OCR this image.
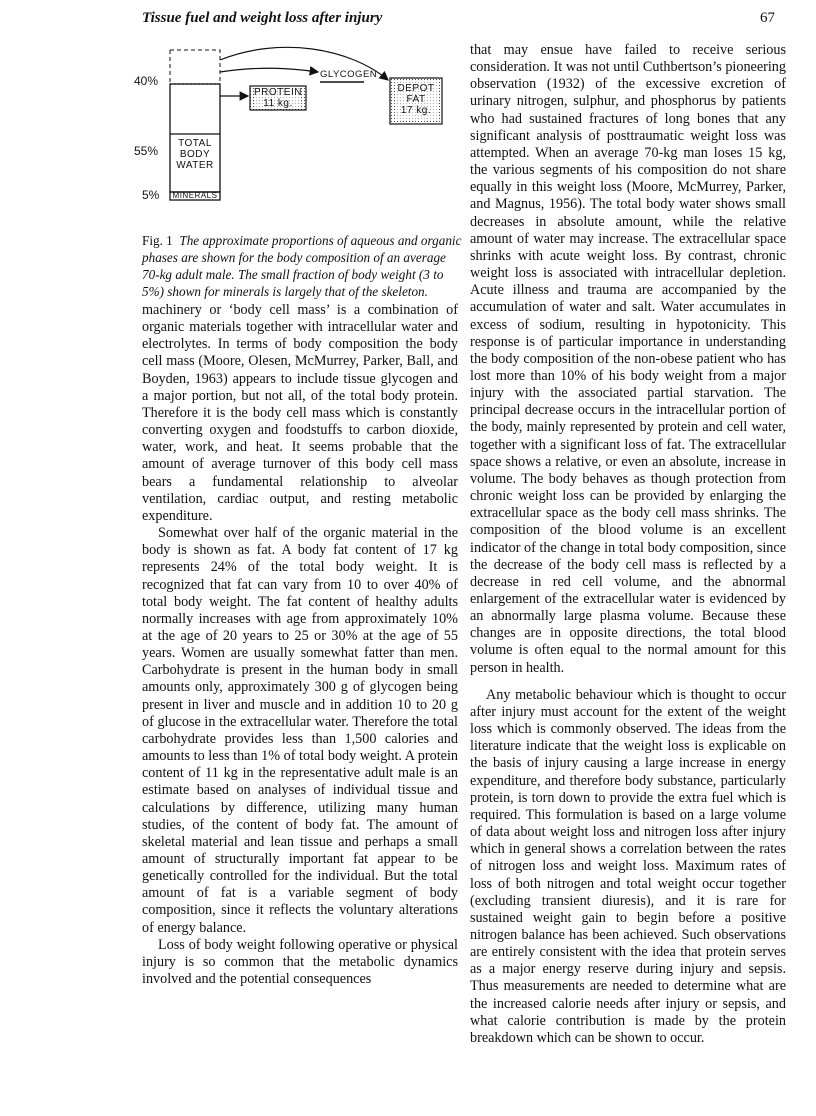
Tissue fuel and weight loss after injury	67
40%
55%
5%
PROTEIN
11 kg.
GLYCOGEN
DEPOT
FAT
17 kg.
TOTAL
BODY
WATER
MINERALS
Fig. 1 The approximate proportions of aqueous and organic phases are shown for the body composition of an average 70-kg adult male. The small fraction of body weight (3 to 5%) shown for minerals is largely that of the skeleton.

machinery or ‘body cell mass’ is a combination of organic materials together with intracellular water and electrolytes. In terms of body composition the body cell mass (Moore, Olesen, McMurrey, Parker, Ball, and Boyden, 1963) appears to include tissue glycogen and a major portion, but not all, of the total body protein. Therefore it is the body cell mass which is constantly converting oxygen and foodstuffs to carbon dioxide, water, work, and heat. It seems probable that the amount of average turnover of this body cell mass bears a fundamental relationship to alveolar ventilation, cardiac output, and resting metabolic expenditure.

Somewhat over half of the organic material in the body is shown as fat. A body fat content of 17 kg represents 24% of the total body weight. It is recognized that fat can vary from 10 to over 40% of total body weight. The fat content of healthy adults normally increases with age from approximately 10% at the age of 20 years to 25 or 30% at the age of 55 years. Women are usually somewhat fatter than men. Carbohydrate is present in the human body in small amounts only, approximately 300 g of glycogen being present in liver and muscle and in addition 10 to 20 g of glucose in the extracellular water. Therefore the total carbohydrate provides less than 1,500 calories and amounts to less than 1% of total body weight. A protein content of 11 kg in the representative adult male is an estimate based on analyses of individual tissue and calculations by difference, utilizing many human studies, of the content of body fat. The amount of skeletal material and lean tissue and perhaps a small amount of structurally important fat appear to be genetically controlled for the individual. But the total amount of fat is a variable segment of body composition, since it reflects the voluntary alterations of energy balance.

Loss of body weight following operative or physical injury is so common that the metabolic dynamics involved and the potential consequences

that may ensue have failed to receive serious consideration. It was not until Cuthbertson’s pioneering observation (1932) of the excessive excretion of urinary nitrogen, sulphur, and phosphorus by patients who had sustained fractures of long bones that any significant analysis of posttraumatic weight loss was attempted. When an average 70-kg man loses 15 kg, the various segments of his composition do not share equally in this weight loss (Moore, McMurrey, Parker, and Magnus, 1956). The total body water shows small decreases in absolute amount, while the relative amount of water may increase. The extracellular space shrinks with acute weight loss. By contrast, chronic weight loss is associated with intracellular depletion. Acute illness and trauma are accompanied by the accumulation of water and salt. Water accumulates in excess of sodium, resulting in hypotonicity. This response is of particular importance in understanding the body composition of the non-obese patient who has lost more than 10% of his body weight from a major injury with the associated partial starvation. The principal decrease occurs in the intracellular portion of the body, mainly represented by protein and cell water, together with a significant loss of fat. The extracellular space shows a relative, or even an absolute, increase in volume. The body behaves as though protection from chronic weight loss can be provided by enlarging the extracellular space as the body cell mass shrinks. The composition of the blood volume is an excellent indicator of the change in total body composition, since the decrease of the body cell mass is reflected by a decrease in red cell volume, and the abnormal enlargement of the extracellular water is evidenced by an abnormally large plasma volume. Because these changes are in opposite directions, the total blood volume is often equal to the normal amount for this person in health.

Any metabolic behaviour which is thought to occur after injury must account for the extent of the weight loss which is commonly observed. The ideas from the literature indicate that the weight loss is explicable on the basis of injury causing a large increase in energy expenditure, and therefore body substance, particularly protein, is torn down to provide the extra fuel which is required. This formulation is based on a large volume of data about weight loss and nitrogen loss after injury which in general shows a correlation between the rates of nitrogen loss and weight loss. Maximum rates of loss of both nitrogen and total weight occur together (excluding transient diuresis), and it is rare for sustained weight gain to begin before a positive nitrogen balance has been achieved. Such observations are entirely consistent with the idea that protein serves as a major energy reserve during injury and sepsis. Thus measurements are needed to determine what are the increased calorie needs after injury or sepsis, and what calorie contribution is made by the protein breakdown which can be shown to occur.
